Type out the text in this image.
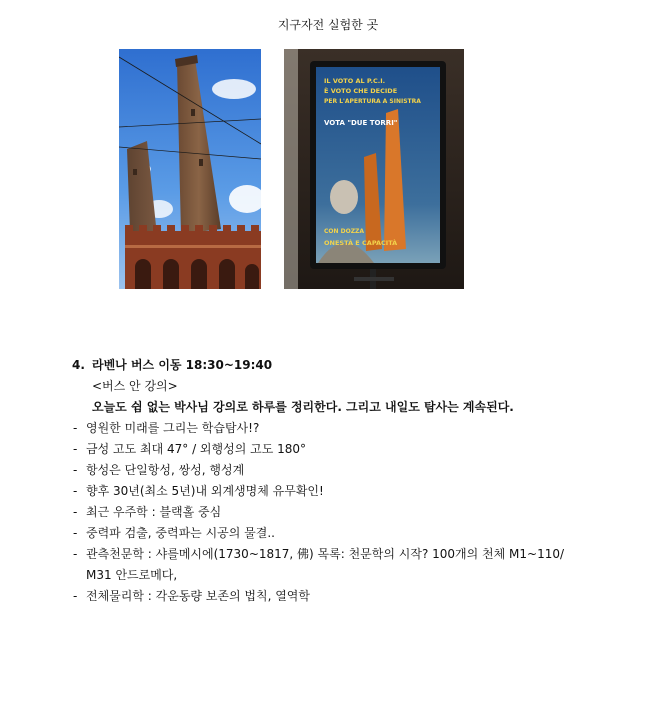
지구자전 실험한 곳
IL VOTO AL P.C.I.
È VOTO CHE DECIDE
PER L'APERTURA A SINISTRA
VOTA "DUE TORRI"
CON DOZZA
ONESTÀ E CAPACITÀ
4. 라벤나 버스 이동 18:30~19:40
<버스 안 강의>
오늘도 쉼 없는 박사님 강의로 하루를 정리한다. 그리고 내일도 탐사는 계속된다.
- 영원한 미래를 그리는 학습탐사!?
- 금성 고도 최대 47° / 외행성의 고도 180°
- 항성은 단일항성, 쌍성, 행성계
- 향후 30년(최소 5년)내 외계생명체 유무확인!
- 최근 우주학 : 블랙홀 중심
- 중력파 검출, 중력파는 시공의 물결..
- 관측천문학 : 샤를메시에(1730~1817, 佛) 목록: 천문학의 시작? 100개의 천체 M1~110/
M31 안드로메다,
- 전체물리학 : 각운동량 보존의 법칙, 열역학
